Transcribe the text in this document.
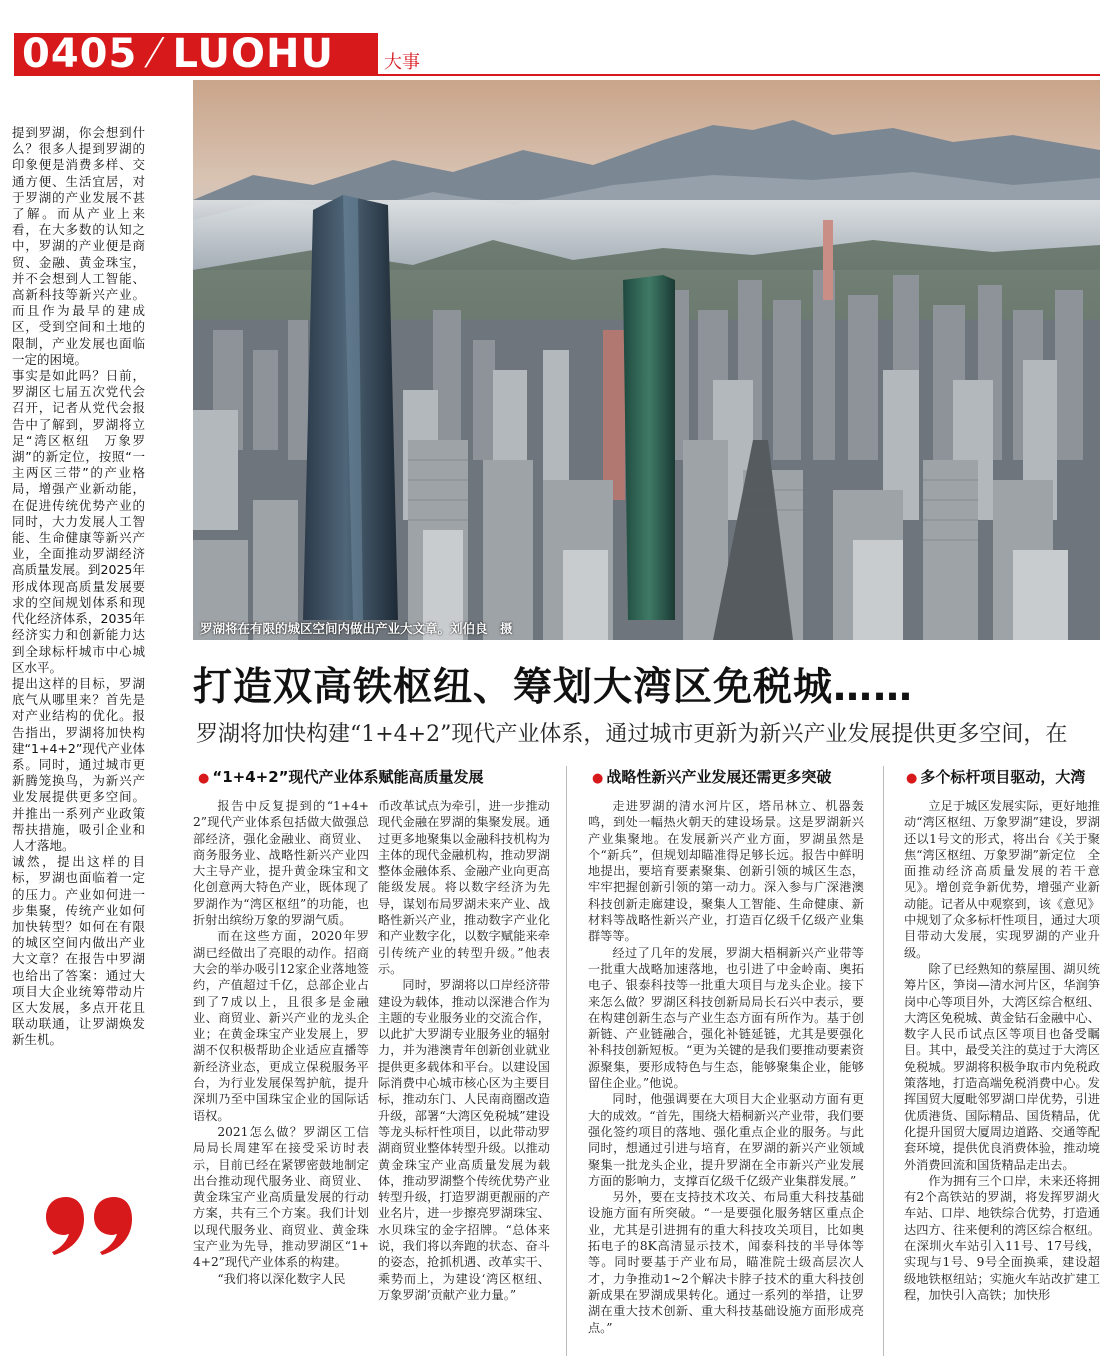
0405 ⁄ LUOHU	大事

提到罗湖，你会想到什么？很多人提到罗湖的印象便是消费多样、交通方便、生活宜居，对于罗湖的产业发展不甚了解。而从产业上来看，在大多数的认知之中，罗湖的产业便是商贸、金融、黄金珠宝，并不会想到人工智能、高新科技等新兴产业。而且作为最早的建成区，受到空间和土地的限制，产业发展也面临一定的困境。

事实是如此吗？日前，罗湖区七届五次党代会召开，记者从党代会报告中了解到，罗湖将立足“湾区枢纽　万象罗湖”的新定位，按照“一主两区三带”的产业格局，增强产业新动能，在促进传统优势产业的同时，大力发展人工智能、生命健康等新兴产业，全面推动罗湖经济高质量发展。到2025年形成体现高质量发展要求的空间规划体系和现代化经济体系，2035年经济实力和创新能力达到全球标杆城市中心城区水平。

提出这样的目标，罗湖底气从哪里来？首先是对产业结构的优化。报告指出，罗湖将加快构建“1+4+2”现代产业体系。同时，通过城市更新腾笼换鸟，为新兴产业发展提供更多空间。并推出一系列产业政策帮扶措施，吸引企业和人才落地。

诚然，提出这样的目标，罗湖也面临着一定的压力。产业如何进一步集聚，传统产业如何加快转型？如何在有限的城区空间内做出产业大文章？在报告中罗湖也给出了答案：通过大项目大企业统筹带动片区大发展，多点开花且联动联通，让罗湖焕发新生机。

罗湖将在有限的城区空间内做出产业大文章。刘伯良　摄
打造双高铁枢纽、筹划大湾区免税城……
罗湖将加快构建“1+4+2”现代产业体系，通过城市更新为新兴产业发展提供更多空间，在
● “1+4+2”现代产业体系赋能高质量发展

报告中反复提到的“1+4+2”现代产业体系包括做大做强总部经济，强化金融业、商贸业、商务服务业、战略性新兴产业四大主导产业，提升黄金珠宝和文化创意两大特色产业，既体现了罗湖作为“湾区枢纽”的功能，也折射出缤纷万象的罗湖气质。

而在这些方面，2020年罗湖已经做出了亮眼的动作。招商大会的举办吸引12家企业落地签约，产值超过千亿，总部企业占到了7成以上，且很多是金融业、商贸业、新兴产业的龙头企业；在黄金珠宝产业发展上，罗湖不仅积极帮助企业适应直播等新经济业态，更成立保税服务平台，为行业发展保驾护航，提升深圳乃至中国珠宝企业的国际话语权。

2021怎么做？罗湖区工信局局长周建军在接受采访时表示，目前已经在紧锣密鼓地制定出台推动现代服务业、商贸业、黄金珠宝产业高质量发展的行动方案，共有三个方案。我们计划以现代服务业、商贸业、黄金珠宝产业为先导，推动罗湖区“1+4+2”现代产业体系的构建。

“我们将以深化数字人民

币改革试点为牵引，进一步推动现代金融在罗湖的集聚发展。通过更多地聚集以金融科技机构为主体的现代金融机构，推动罗湖整体金融体系、金融产业向更高能级发展。将以数字经济为先导，谋划布局罗湖未来产业、战略性新兴产业，推动数字产业化和产业数字化，以数字赋能来牵引传统产业的转型升级。”他表示。

同时，罗湖将以口岸经济带建设为载体，推动以深港合作为主题的专业服务业的交流合作，以此扩大罗湖专业服务业的辐射力，并为港澳青年创新创业就业提供更多载体和平台。以建设国际消费中心城市核心区为主要目标，推动东门、人民南商圈改造升级，部署“大湾区免税城”建设等龙头标杆性项目，以此带动罗湖商贸业整体转型升级。以推动黄金珠宝产业高质量发展为载体，推动罗湖整个传统优势产业转型升级，打造罗湖更靓丽的产业名片，进一步擦亮罗湖珠宝、水贝珠宝的金字招牌。“总体来说，我们将以奔跑的状态、奋斗的姿态，抢抓机遇、改革实干、乘势而上，为建设‘湾区枢纽、万象罗湖’贡献产业力量。”

● 战略性新兴产业发展还需更多突破

走进罗湖的清水河片区，塔吊林立、机器轰鸣，到处一幅热火朝天的建设场景。这是罗湖新兴产业集聚地。在发展新兴产业方面，罗湖虽然是个“新兵”，但规划却瞄准得足够长远。报告中鲜明地提出，要培育要素聚集、创新引领的城区生态，牢牢把握创新引领的第一动力。深入参与广深港澳科技创新走廊建设，聚集人工智能、生命健康、新材料等战略性新兴产业，打造百亿级千亿级产业集群等等。

经过了几年的发展，罗湖大梧桐新兴产业带等一批重大战略加速落地，也引进了中金岭南、奥拓电子、银泰科技等一批重大项目与龙头企业。接下来怎么做？罗湖区科技创新局局长石兴中表示，要在构建创新生态与产业生态方面有所作为。基于创新链、产业链融合，强化补链延链，尤其是要强化补科技创新短板。“更为关键的是我们要推动要素资源聚集，要形成特色与生态，能够聚集企业，能够留住企业。”他说。

同时，他强调要在大项目大企业驱动方面有更大的成效。“首先，围绕大梧桐新兴产业带，我们要强化签约项目的落地、强化重点企业的服务。与此同时，想通过引进与培育，在罗湖的新兴产业领域聚集一批龙头企业，提升罗湖在全市新兴产业发展方面的影响力，支撑百亿级千亿级产业集群发展。”

另外，要在支持技术攻关、布局重大科技基础设施方面有所突破。“一是要强化服务辖区重点企业，尤其是引进拥有的重大科技攻关项目，比如奥拓电子的8K高清显示技术，闻泰科技的半导体等等。同时要基于产业布局，瞄准院士级高层次人才，力争推动1~2个解决卡脖子技术的重大科技创新成果在罗湖成果转化。通过一系列的举措，让罗湖在重大技术创新、重大科技基础设施方面形成亮点。”

● 多个标杆项目驱动，大湾

立足于城区发展实际，更好地推动“湾区枢纽、万象罗湖”建设，罗湖还以1号文的形式，将出台《关于聚焦“湾区枢纽、万象罗湖”新定位　全面推动经济高质量发展的若干意见》。增创竞争新优势，增强产业新动能。记者从中观察到，该《意见》中规划了众多标杆性项目，通过大项目带动大发展，实现罗湖的产业升级。

除了已经熟知的蔡屋围、湖贝统筹片区，笋岗—清水河片区，华润笋岗中心等项目外，大湾区综合枢纽、大湾区免税城、黄金钻石金融中心、数字人民币试点区等项目也备受瞩目。其中，最受关注的莫过于大湾区免税城。罗湖将积极争取市内免税政策落地，打造高端免税消费中心。发挥国贸大厦毗邻罗湖口岸优势，引进优质港货、国际精品、国货精品，优化提升国贸大厦周边道路、交通等配套环境，提供优良消费体验，推动境外消费回流和国货精品走出去。

作为拥有三个口岸，未来还将拥有2个高铁站的罗湖，将发挥罗湖火车站、口岸、地铁综合优势，打造通达四方、往来便利的湾区综合枢纽。在深圳火车站引入11号、17号线，实现与1号、9号全面换乘，建设超级地铁枢纽站；实施火车站改扩建工程，加快引入高铁；加快形
